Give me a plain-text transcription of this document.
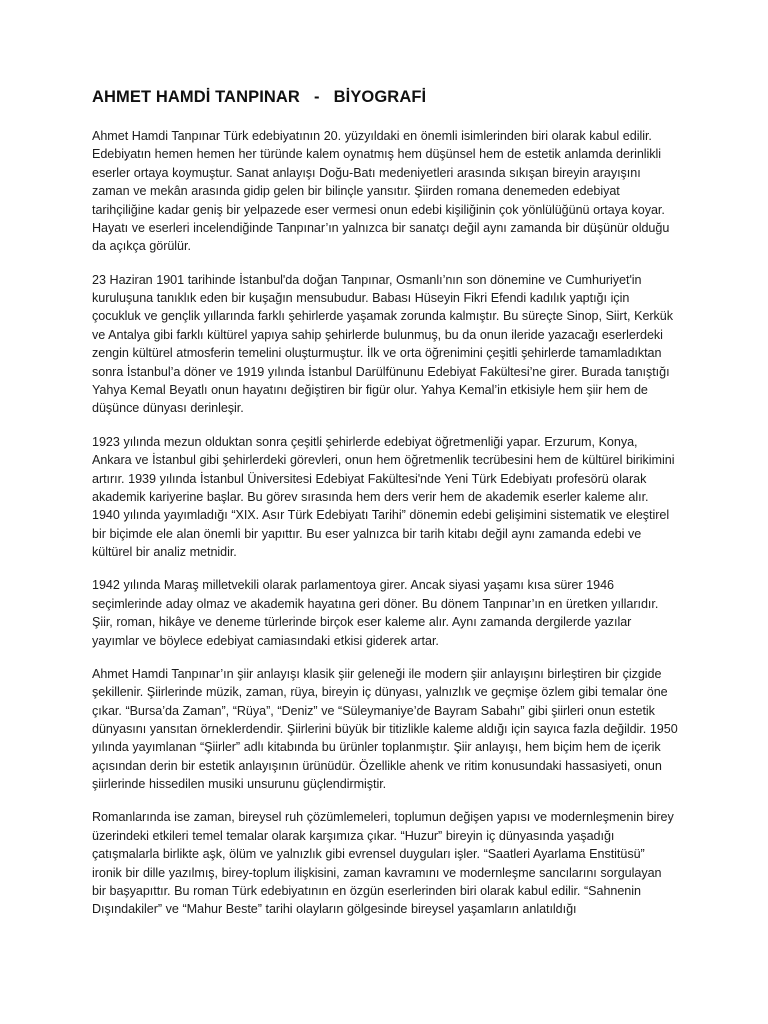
AHMET HAMDİ TANPINAR   -   BİYOGRAFİ

Ahmet Hamdi Tanpınar Türk edebiyatının 20. yüzyıldaki en önemli isimlerinden biri olarak kabul edilir. Edebiyatın hemen hemen her türünde kalem oynatmış hem düşünsel hem de estetik anlamda derinlikli eserler ortaya koymuştur. Sanat anlayışı Doğu-Batı medeniyetleri arasında sıkışan bireyin arayışını zaman ve mekân arasında gidip gelen bir bilinçle yansıtır. Şiirden romana denemeden edebiyat tarihçiliğine kadar geniş bir yelpazede eser vermesi onun edebi kişiliğinin çok yönlülüğünü ortaya koyar. Hayatı ve eserleri incelendiğinde Tanpınar’ın yalnızca bir sanatçı değil aynı zamanda bir düşünür olduğu da açıkça görülür.

23 Haziran 1901 tarihinde İstanbul'da doğan Tanpınar, Osmanlı’nın son dönemine ve Cumhuriyet'in kuruluşuna tanıklık eden bir kuşağın mensubudur. Babası Hüseyin Fikri Efendi kadılık yaptığı için çocukluk ve gençlik yıllarında farklı şehirlerde yaşamak zorunda kalmıştır. Bu süreçte Sinop, Siirt, Kerkük ve Antalya gibi farklı kültürel yapıya sahip şehirlerde bulunmuş, bu da onun ileride yazacağı eserlerdeki zengin kültürel atmosferin temelini oluşturmuştur. İlk ve orta öğrenimini çeşitli şehirlerde tamamladıktan sonra İstanbul’a döner ve 1919 yılında İstanbul Darülfünunu Edebiyat Fakültesi’ne girer. Burada tanıştığı Yahya Kemal Beyatlı onun hayatını değiştiren bir figür olur. Yahya Kemal’in etkisiyle hem şiir hem de düşünce dünyası derinleşir.

1923 yılında mezun olduktan sonra çeşitli şehirlerde edebiyat öğretmenliği yapar. Erzurum, Konya, Ankara ve İstanbul gibi şehirlerdeki görevleri, onun hem öğretmenlik tecrübesini hem de kültürel birikimini artırır. 1939 yılında İstanbul Üniversitesi Edebiyat Fakültesi'nde Yeni Türk Edebiyatı profesörü olarak akademik kariyerine başlar. Bu görev sırasında hem ders verir hem de akademik eserler kaleme alır. 1940 yılında yayımladığı “XIX. Asır Türk Edebiyatı Tarihi” dönemin edebi gelişimini sistematik ve eleştirel bir biçimde ele alan önemli bir yapıttır. Bu eser yalnızca bir tarih kitabı değil aynı zamanda edebi ve kültürel bir analiz metnidir.

1942 yılında Maraş milletvekili olarak parlamentoya girer. Ancak siyasi yaşamı kısa sürer 1946 seçimlerinde aday olmaz ve akademik hayatına geri döner. Bu dönem Tanpınar’ın en üretken yıllarıdır. Şiir, roman, hikâye ve deneme türlerinde birçok eser kaleme alır. Aynı zamanda dergilerde yazılar yayımlar ve böylece edebiyat camiasındaki etkisi giderek artar.

Ahmet Hamdi Tanpınar’ın şiir anlayışı klasik şiir geleneği ile modern şiir anlayışını birleştiren bir çizgide şekillenir. Şiirlerinde müzik, zaman, rüya, bireyin iç dünyası, yalnızlık ve geçmişe özlem gibi temalar öne çıkar. “Bursa’da Zaman”, “Rüya”, “Deniz” ve “Süleymaniye’de Bayram Sabahı” gibi şiirleri onun estetik dünyasını yansıtan örneklerdendir. Şiirlerini büyük bir titizlikle kaleme aldığı için sayıca fazla değildir. 1950 yılında yayımlanan “Şiirler” adlı kitabında bu ürünler toplanmıştır. Şiir anlayışı, hem biçim hem de içerik açısından derin bir estetik anlayışının ürünüdür. Özellikle ahenk ve ritim konusundaki hassasiyeti, onun şiirlerinde hissedilen musiki unsurunu güçlendirmiştir.

Romanlarında ise zaman, bireysel ruh çözümlemeleri, toplumun değişen yapısı ve modernleşmenin birey üzerindeki etkileri temel temalar olarak karşımıza çıkar. “Huzur” bireyin iç dünyasında yaşadığı çatışmalarla birlikte aşk, ölüm ve yalnızlık gibi evrensel duyguları işler. “Saatleri Ayarlama Enstitüsü” ironik bir dille yazılmış, birey-toplum ilişkisini, zaman kavramını ve modernleşme sancılarını sorgulayan bir başyapıttır. Bu roman Türk edebiyatının en özgün eserlerinden biri olarak kabul edilir. “Sahnenin Dışındakiler” ve “Mahur Beste” tarihi olayların gölgesinde bireysel yaşamların anlatıldığı
